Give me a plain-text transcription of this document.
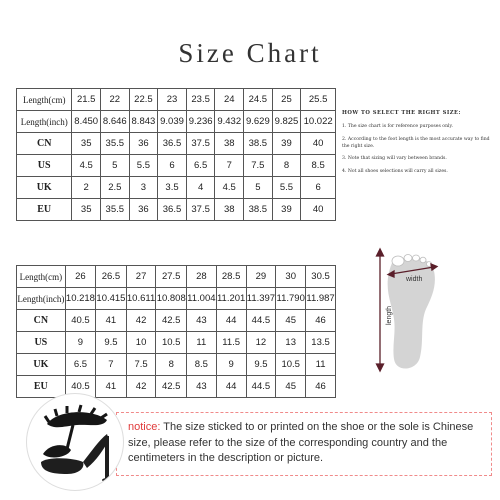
Size Chart
Length(cm)	21.5	22	22.5	23	23.5	24	24.5	25	25.5
Length(inch)	8.450	8.646	8.843	9.039	9.236	9.432	9.629	9.825	10.022
CN	35	35.5	36	36.5	37.5	38	38.5	39	40
US	4.5	5	5.5	6	6.5	7	7.5	8	8.5
UK	2	2.5	3	3.5	4	4.5	5	5.5	6
EU	35	35.5	36	36.5	37.5	38	38.5	39	40
Length(cm)	26	26.5	27	27.5	28	28.5	29	30	30.5
Length(inch)	10.218	10.415	10.611	10.808	11.004	11.201	11.397	11.790	11.987
CN	40.5	41	42	42.5	43	44	44.5	45	46
US	9	9.5	10	10.5	11	11.5	12	13	13.5
UK	6.5	7	7.5	8	8.5	9	9.5	10.5	11
EU	40.5	41	42	42.5	43	44	44.5	45	46
HOW TO SELECT THE RIGHT SIZE:
1. The size chart is for reference purposes only.
2. According to the foot length is the most accurate way to find the right size.
3. Note that sizing will vary between brands.
4. Not all shoes selections will carry all sizes.
width
length
notice: The size sticked to or printed on the shoe or the sole is Chinese size, please refer to the size of the corresponding country and the centimeters in the description or picture.
